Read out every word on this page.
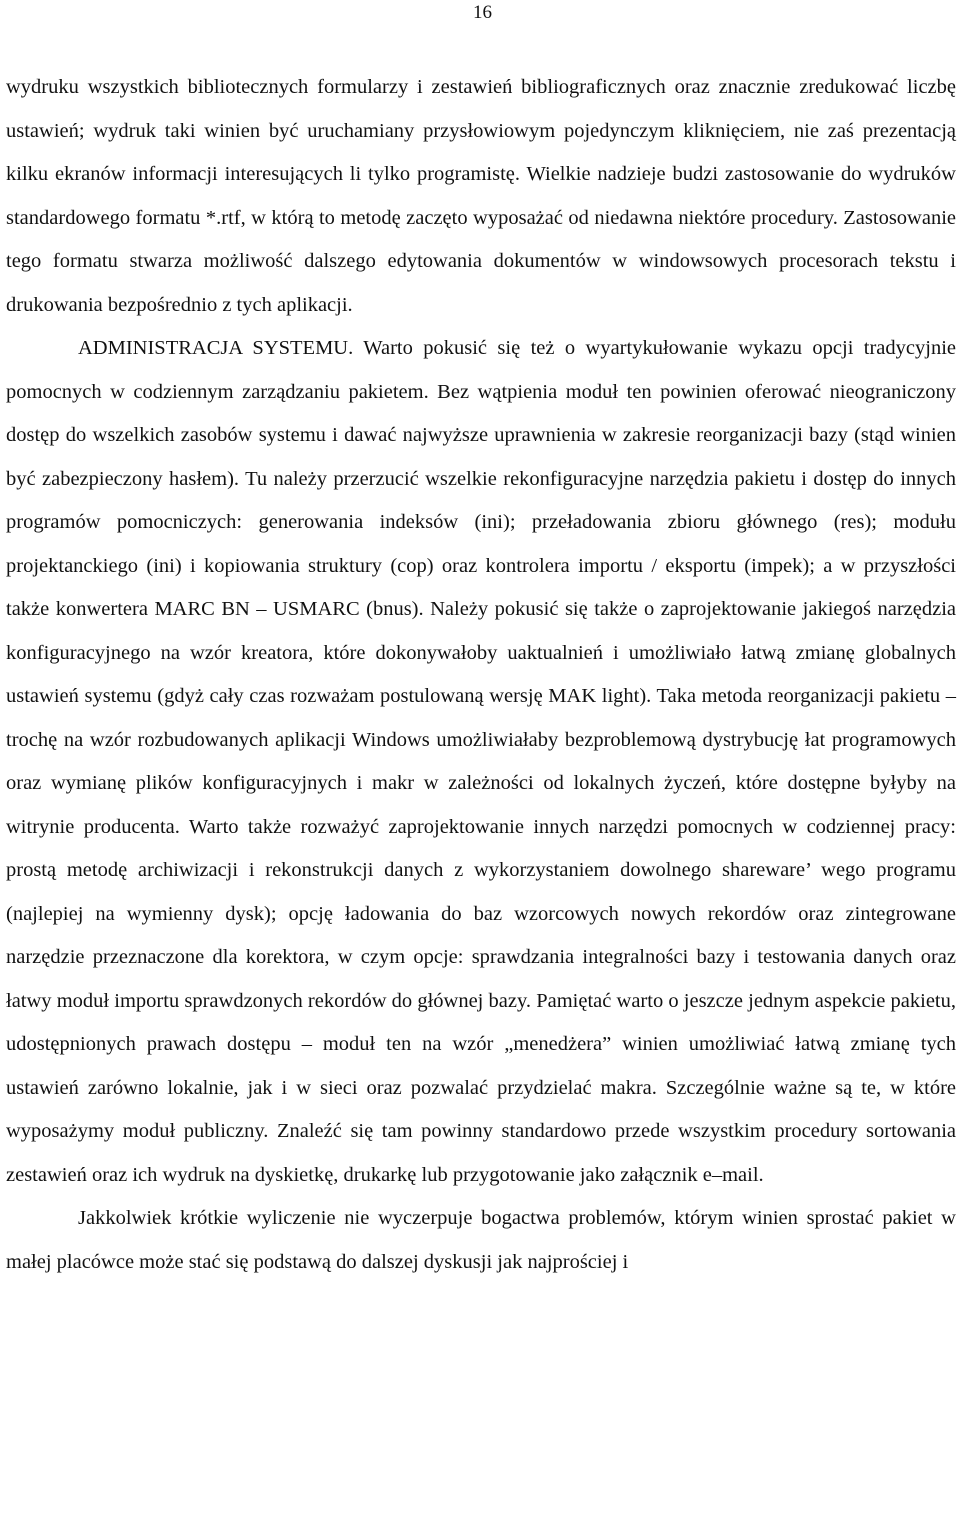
16

wydruku wszystkich bibliotecznych formularzy i zestawień bibliograficznych oraz znacznie zredukować liczbę ustawień; wydruk taki winien być uruchamiany przysłowiowym pojedynczym kliknięciem, nie zaś prezentacją kilku ekranów informacji interesujących li tylko programistę. Wielkie nadzieje budzi zastosowanie do wydruków standardowego formatu *.rtf, w którą to metodę zaczęto wyposażać od niedawna niektóre procedury. Zastosowanie tego formatu stwarza możliwość dalszego edytowania dokumentów w windowsowych procesorach tekstu i drukowania bezpośrednio z tych aplikacji.

ADMINISTRACJA SYSTEMU. Warto pokusić się też o wyartykułowanie wykazu opcji tradycyjnie pomocnych w codziennym zarządzaniu pakietem. Bez wątpienia moduł ten powinien oferować nieograniczony dostęp do wszelkich zasobów systemu i dawać najwyższe uprawnienia w zakresie reorganizacji bazy (stąd winien być zabezpieczony hasłem). Tu należy przerzucić wszelkie rekonfiguracyjne narzędzia pakietu i dostęp do innych programów pomocniczych: generowania indeksów (ini); przeładowania zbioru głównego (res); modułu projektanckiego (ini) i kopiowania struktury (cop) oraz kontrolera importu / eksportu (impek); a w przyszłości także konwertera MARC BN – USMARC (bnus). Należy pokusić się także o zaprojektowanie jakiegoś narzędzia konfiguracyjnego na wzór kreatora, które dokonywałoby uaktualnień i umożliwiało łatwą zmianę globalnych ustawień systemu (gdyż cały czas rozważam postulowaną wersję MAK light). Taka metoda reorganizacji pakietu – trochę na wzór rozbudowanych aplikacji Windows umożliwiałaby bezproblemową dystrybucję łat programowych oraz wymianę plików konfiguracyjnych i makr w zależności od lokalnych życzeń, które dostępne byłyby na witrynie producenta. Warto także rozważyć zaprojektowanie innych narzędzi pomocnych w codziennej pracy: prostą metodę archiwizacji i rekonstrukcji danych z wykorzystaniem dowolnego shareware’ wego programu (najlepiej na wymienny dysk); opcję ładowania do baz wzorcowych nowych rekordów oraz zintegrowane narzędzie przeznaczone dla korektora, w czym opcje: sprawdzania integralności bazy i testowania danych oraz łatwy moduł importu sprawdzonych rekordów do głównej bazy. Pamiętać warto o jeszcze jednym aspekcie pakietu, udostępnionych prawach dostępu – moduł ten na wzór „menedżera” winien umożliwiać łatwą zmianę tych ustawień zarówno lokalnie, jak i w sieci oraz pozwalać przydzielać makra. Szczególnie ważne są te, w które wyposażymy moduł publiczny. Znaleźć się tam powinny standardowo przede wszystkim procedury sortowania zestawień oraz ich wydruk na dyskietkę, drukarkę lub przygotowanie jako załącznik e–mail.

Jakkolwiek krótkie wyliczenie nie wyczerpuje bogactwa problemów, którym winien sprostać pakiet w małej placówce może stać się podstawą do dalszej dyskusji jak najprościej i
